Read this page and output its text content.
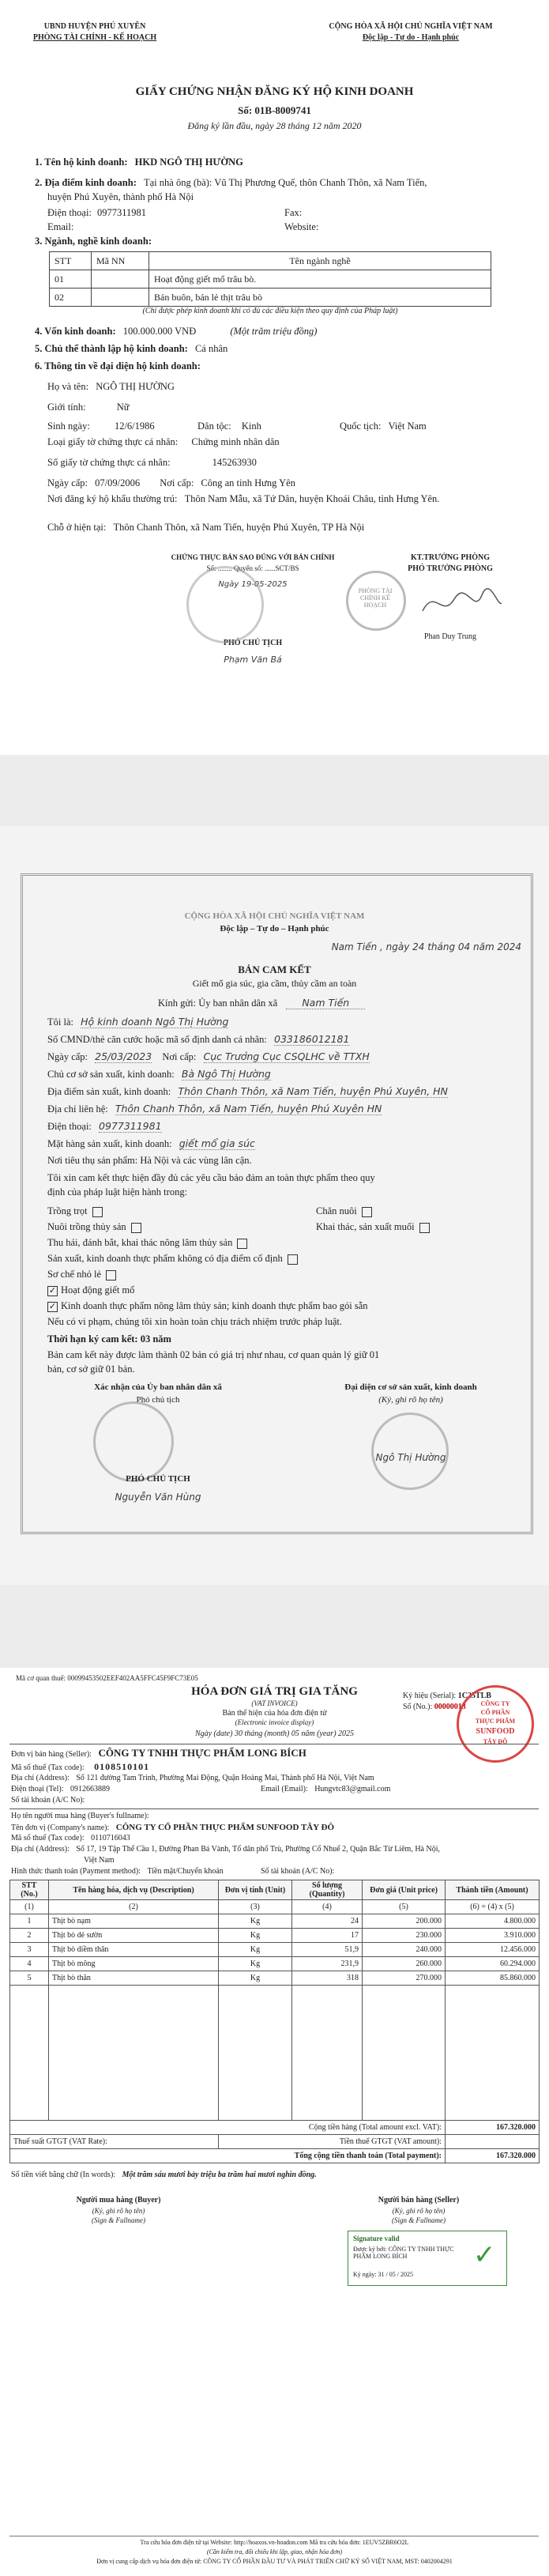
UBND HUYỆN PHÚ XUYÊN
PHÒNG TÀI CHÍNH - KẾ HOẠCH
CỘNG HÒA XÃ HỘI CHỦ NGHĨA VIỆT NAM
Độc lập - Tự do - Hạnh phúc
GIẤY CHỨNG NHẬN ĐĂNG KÝ HỘ KINH DOANH
Số: 01B-8009741
Đăng ký lần đầu, ngày 28 tháng 12 năm 2020
1. Tên hộ kinh doanh: HKD NGÔ THỊ HƯỜNG
2. Địa điểm kinh doanh: Tại nhà ông (bà): Vũ Thị Phương Quế, thôn Chanh Thôn, xã Nam Tiến,
huyện Phú Xuyên, thành phố Hà Nội
Điện thoại: 0977311981	Fax:
Email:	Website:
3. Ngành, nghề kinh doanh:
STT	Mã NN	Tên ngành nghề
01		Hoạt động giết mổ trâu bò.
02		Bán buôn, bán lẻ thịt trâu bò
(Chỉ được phép kinh doanh khi có đủ các điều kiện theo quy định của Pháp luật)
4. Vốn kinh doanh: 100.000.000 VNĐ	(Một trăm triệu đồng)
5. Chủ thể thành lập hộ kinh doanh: Cá nhân
6. Thông tin về đại diện hộ kinh doanh:
Họ và tên: NGÔ THỊ HƯỜNG
Giới tính:	Nữ
Sinh ngày: 12/6/1986	Dân tộc: Kinh	Quốc tịch: Việt Nam
Loại giấy tờ chứng thực cá nhân: Chứng minh nhân dân
Số giấy tờ chứng thực cá nhân:	145263930
Ngày cấp: 07/09/2006 Nơi cấp: Công an tỉnh Hưng Yên
Nơi đăng ký hộ khẩu thường trú: Thôn Nam Mẫu, xã Tứ Dân, huyện Khoái Châu, tỉnh Hưng Yên.
Chỗ ở hiện tại: Thôn Chanh Thôn, xã Nam Tiến, huyện Phú Xuyên, TP Hà Nội
CHỨNG THỰC BẢN SAO ĐÚNG VỚI BẢN CHÍNH
Số: ........ Quyển số: ......SCT/BS
Ngày 19-05-2025
PHÓ CHỦ TỊCH
Phạm Văn Bá
KT.TRƯỞNG PHÒNG
PHÓ TRƯỞNG PHÒNG
PHÒNG TÀI CHÍNH KẾ HOẠCH
Phan Duy Trung
CỘNG HÒA XÃ HỘI CHỦ NGHĨA VIỆT NAM
Độc lập – Tự do – Hạnh phúc
Nam Tiến , ngày 24 tháng 04 năm 2024
BẢN CAM KẾT
Giết mổ gia súc, gia cầm, thủy cầm an toàn
Kính gửi: Ủy ban nhân dân xã Nam Tiến
Tôi là: Hộ kinh doanh Ngô Thị Hường
Số CMND/thẻ căn cước hoặc mã số định danh cá nhân: 033186012181
Ngày cấp: 25/03/2023 Nơi cấp: Cục Trưởng Cục CSQLHC về TTXH
Chủ cơ sở sản xuất, kinh doanh: Bà Ngô Thị Hường
Địa điểm sản xuất, kinh doanh: Thôn Chanh Thôn, xã Nam Tiến, huyện Phú Xuyên, HN
Địa chỉ liên hệ: Thôn Chanh Thôn, xã Nam Tiến, huyện Phú Xuyên HN
Điện thoại: 0977311981
Mặt hàng sản xuất, kinh doanh: giết mổ gia súc
Nơi tiêu thụ sản phẩm: Hà Nội và các vùng lân cận.
Tôi xin cam kết thực hiện đầy đủ các yêu cầu bảo đảm an toàn thực phẩm theo quy
định của pháp luật hiện hành trong:
Trồng trọt	Chăn nuôi
Nuôi trồng thủy sản	Khai thác, sản xuất muối
Thu hái, đánh bắt, khai thác nông lâm thủy sản
Sản xuất, kinh doanh thực phẩm không có địa điểm cố định
Sơ chế nhỏ lẻ
✓ Hoạt động giết mổ
✓ Kinh doanh thực phẩm nông lâm thủy sản; kinh doanh thực phẩm bao gói sẵn
Nếu có vi phạm, chúng tôi xin hoàn toàn chịu trách nhiệm trước pháp luật.
Thời hạn ký cam kết: 03 năm
Bản cam kết này được làm thành 02 bản có giá trị như nhau, cơ quan quản lý giữ 01
bản, cơ sở giữ 01 bản.
Xác nhận của Ủy ban nhân dân xã
Phó chủ tịch
Đại diện cơ sở sản xuất, kinh doanh
(Ký, ghi rõ họ tên)
PHÓ CHỦ TỊCH
Nguyễn Văn Hùng
Ngô Thị Hường
Mã cơ quan thuế: 00099453502EEF402AA5FFC45F9FC73E05
HÓA ĐƠN GIÁ TRỊ GIA TĂNG
(VAT INVOICE)
Bản thể hiện của hóa đơn điện tử
(Electronic invoice display)
Ngày (date) 30 tháng (month) 05 năm (year) 2025
Ký hiệu (Serial): 1C25TLB
Số (No.): 00000013	CÔNG TY
CỔ PHẦN
THỰC PHẨM
SUNFOOD
TÂY ĐÔ
Đơn vị bán hàng (Seller): CÔNG TY TNHH THỰC PHẨM LONG BÍCH
Mã số thuế (Tax code): 0108510101
Địa chỉ (Address): Số 121 đường Tam Trinh, Phường Mai Động, Quận Hoàng Mai, Thành phố Hà Nội, Việt Nam
Điện thoại (Tel): 0912663889	Email (Email): Hungvtc83@gmail.com
Số tài khoản (A/C No):
Họ tên người mua hàng (Buyer's fullname):
Tên đơn vị (Company's name): CÔNG TY CỔ PHẦN THỰC PHẨM SUNFOOD TÂY ĐÔ
Mã số thuế (Tax code): 0110716043
Địa chỉ (Address): Số 17, 19 Tập Thể Cầu 1, Đường Phan Bá Vành, Tổ dân phố Trù, Phường Cổ Nhuế 2, Quận Bắc Từ Liêm, Hà Nội,
Việt Nam
Hình thức thanh toán (Payment method): Tiền mặt/Chuyển khoản	Số tài khoản (A/C No):
STT (No.)	Tên hàng hóa, dịch vụ (Description)	Đơn vị tính (Unit)	Số lượng (Quantity)	Đơn giá (Unit price)	Thành tiền (Amount)
(1)	(2)	(3)	(4)	(5)	(6) = (4) x (5)
1	Thịt bò nạm	Kg	24	200.000	4.800.000
2	Thịt bò dẻ sườn	Kg	17	230.000	3.910.000
3	Thịt bò diềm thăn	Kg	51,9	240.000	12.456.000
4	Thịt bò mông	Kg	231,9	260.000	60.294.000
5	Thịt bò thăn	Kg	318	270.000	85.860.000

Cộng tiền hàng (Total amount excl. VAT):					167.320.000
Thuế suất GTGT (VAT Rate):		Tiền thuế GTGT (VAT amount):			
Tổng cộng tiền thanh toán (Total payment):					167.320.000
Số tiền viết bằng chữ (In words): Một trăm sáu mươi bảy triệu ba trăm hai mươi nghìn đồng.
Người mua hàng (Buyer)
(Ký, ghi rõ họ tên)
(Sign & Fullname)
Người bán hàng (Seller)
(Ký, ghi rõ họ tên)
(Sign & Fullname)
Signature valid
Được ký bởi: CÔNG TY TNHH THỰC PHẨM LONG BÍCH
Ký ngày: 31 / 05 / 2025
✓
Tra cứu hóa đơn điện tử tại Website: http://hoaxos.vn-hoadon.com Mã tra cứu hóa đơn: 1EUV5ZBR6O2L
(Cần kiểm tra, đối chiếu khi lập, giao, nhận hóa đơn)
Đơn vị cung cấp dịch vụ hóa đơn điện tử: CÔNG TY CỔ PHẦN ĐẦU TƯ VÀ PHÁT TRIỂN CHỮ KÝ SỐ VIỆT NAM, MST: 0402004291
